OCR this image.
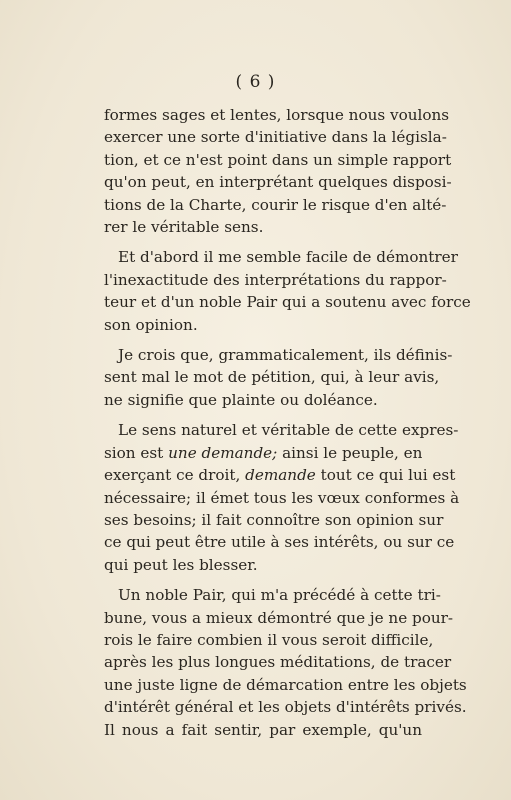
( 6 )
formes sages et lentes, lorsque nous voulons
exercer une sorte d'initiative dans la législa-
tion, et ce n'est point dans un simple rapport
qu'on peut, en interprétant quelques disposi-
tions de la Charte, courir le risque d'en alté-
rer le véritable sens.
Et d'abord il me semble facile de démontrer
l'inexactitude des interprétations du rappor-
teur et d'un noble Pair qui a soutenu avec force
son opinion.
Je crois que, grammaticalement, ils définis-
sent mal le mot de pétition, qui, à leur avis,
ne signifie que plainte ou doléance.
Le sens naturel et véritable de cette expres-
sion est une demande; ainsi le peuple, en
exerçant ce droit, demande tout ce qui lui est
nécessaire; il émet tous les vœux conformes à
ses besoins; il fait connoître son opinion sur
ce qui peut être utile à ses intérêts, ou sur ce
qui peut les blesser.
Un noble Pair, qui m'a précédé à cette tri-
bune, vous a mieux démontré que je ne pour-
rois le faire combien il vous seroit difficile,
après les plus longues méditations, de tracer
une juste ligne de démarcation entre les objets
d'intérêt général et les objets d'intérêts privés.
Il nous a fait sentir, par exemple, qu'un
